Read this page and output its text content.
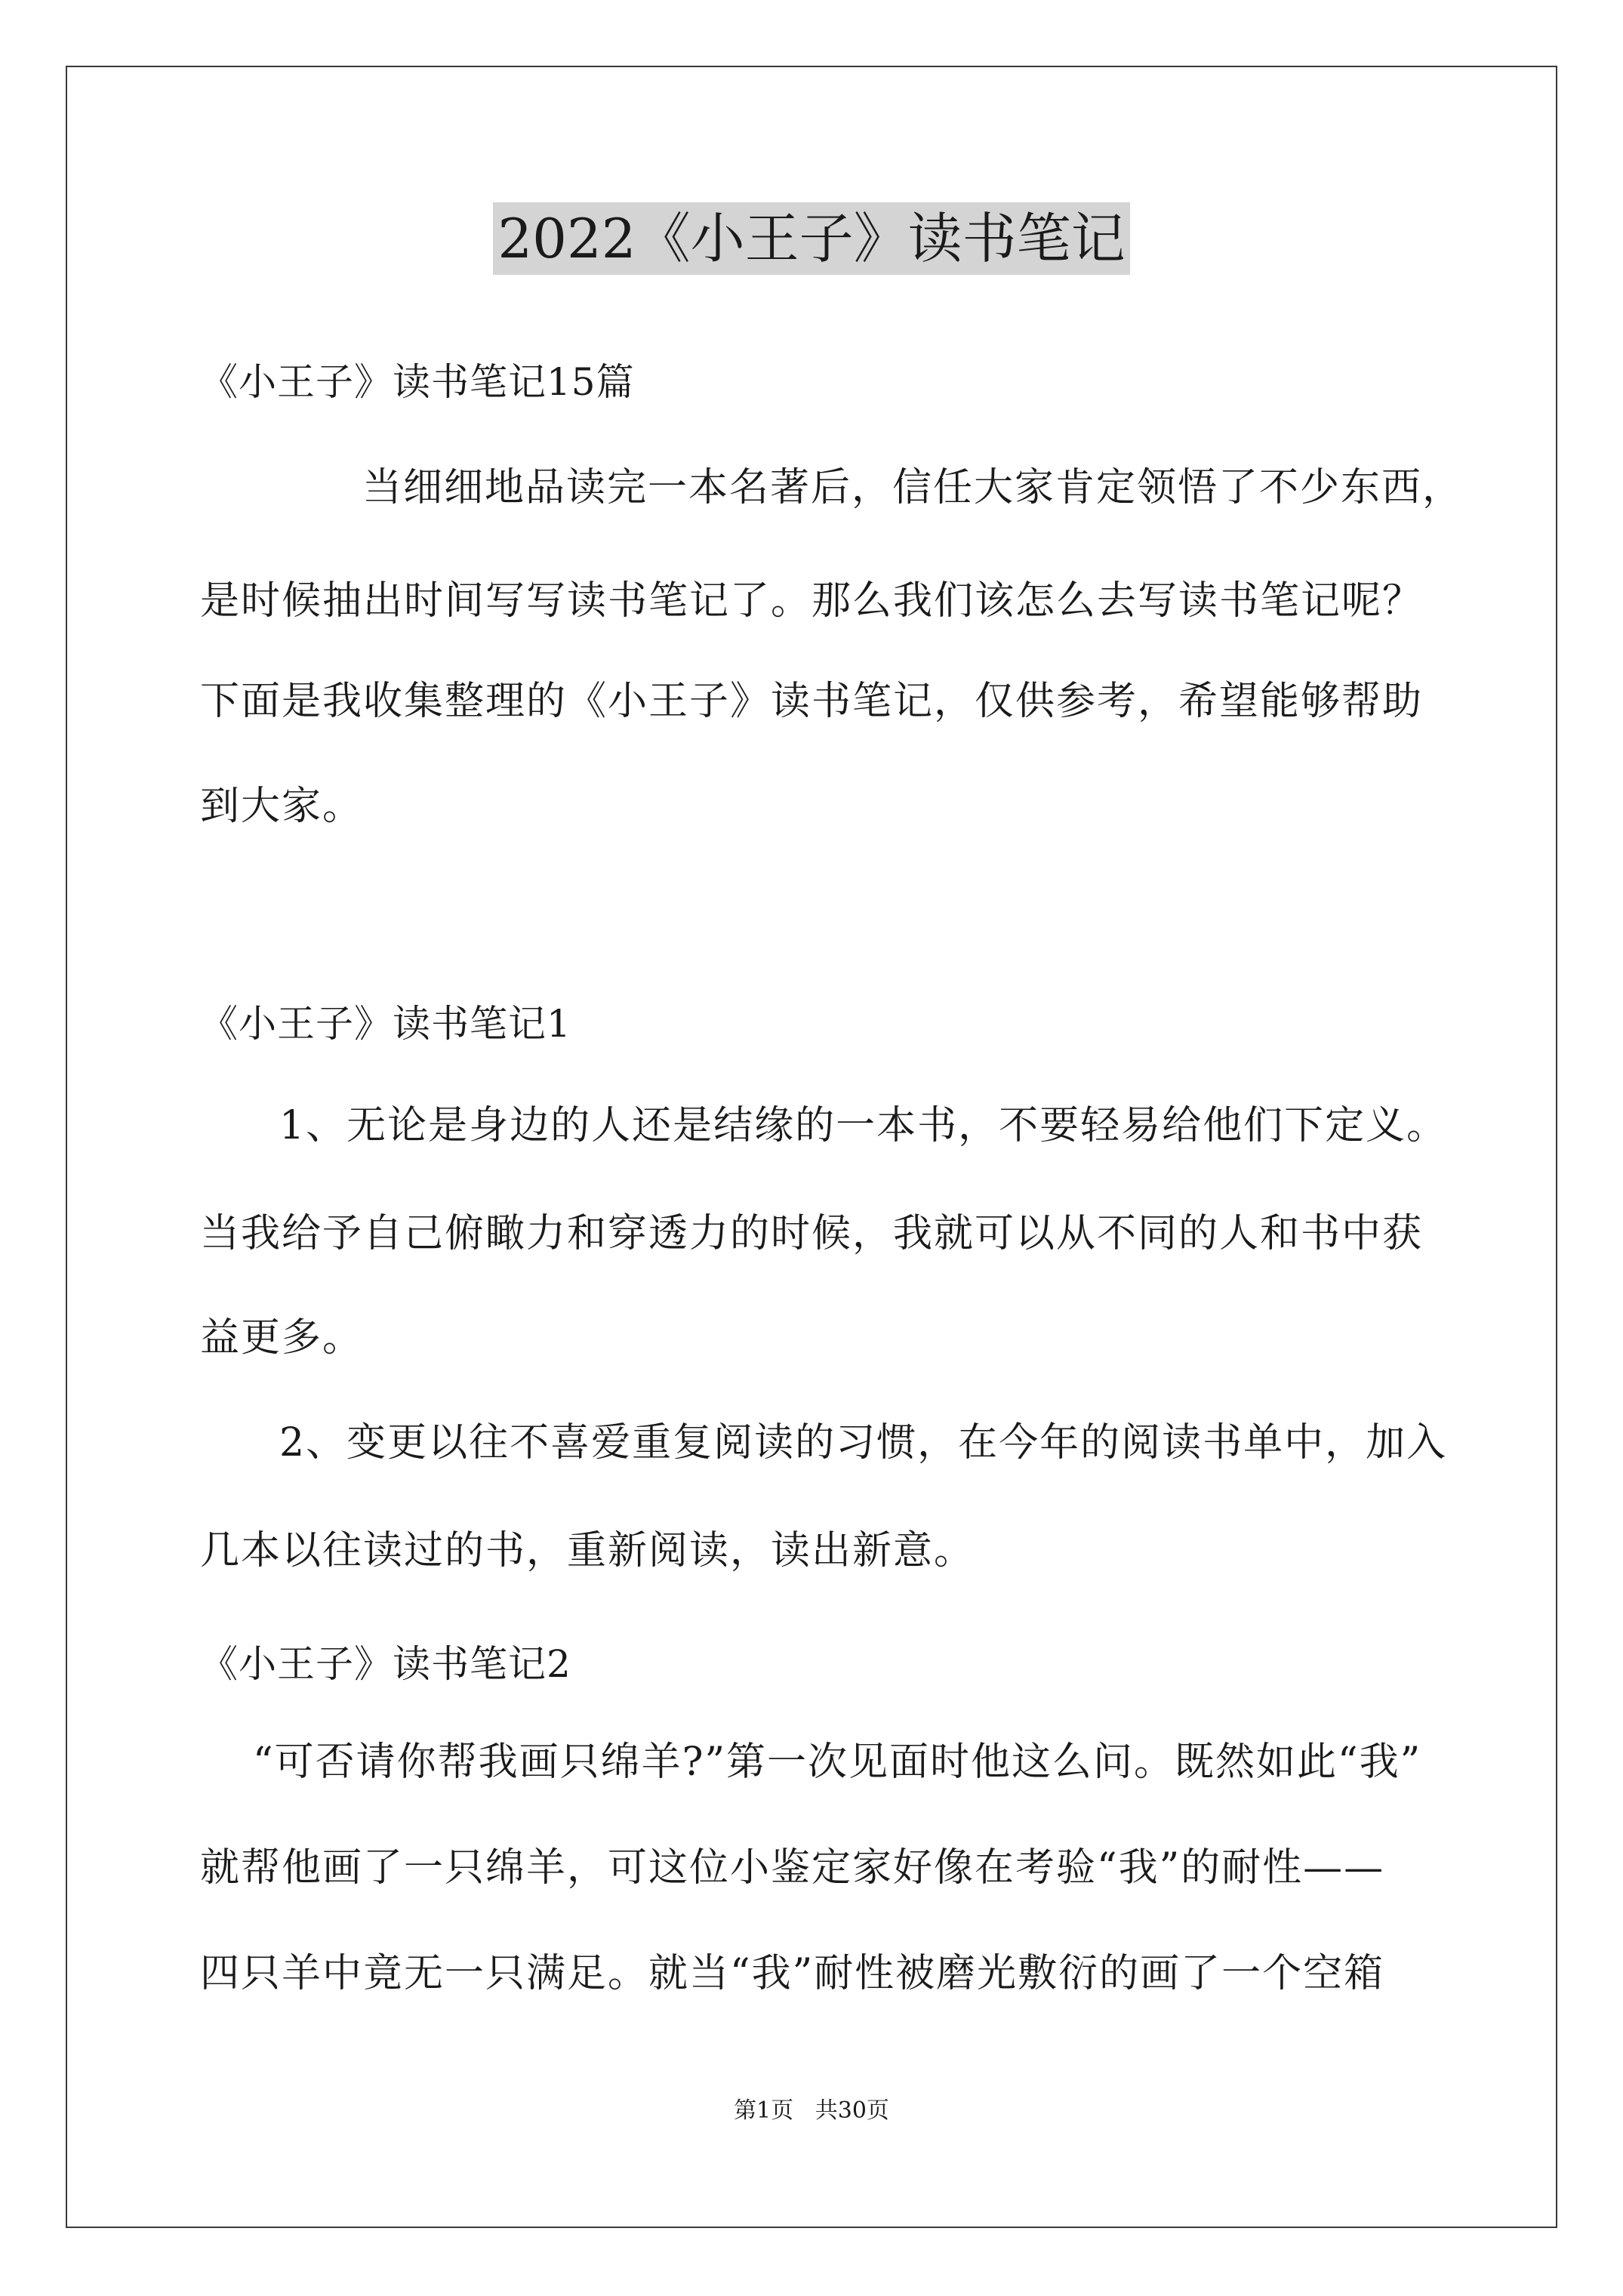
2022《小王子》读书笔记
《小王子》读书笔记15篇
当细细地品读完一本名著后，信任大家肯定领悟了不少东西，
是时候抽出时间写写读书笔记了。那么我们该怎么去写读书笔记呢？
下面是我收集整理的《小王子》读书笔记，仅供参考，希望能够帮助
到大家。
《小王子》读书笔记1
1、无论是身边的人还是结缘的一本书，不要轻易给他们下定义。
当我给予自己俯瞰力和穿透力的时候，我就可以从不同的人和书中获
益更多。
2、变更以往不喜爱重复阅读的习惯，在今年的阅读书单中，加入
几本以往读过的书，重新阅读，读出新意。
《小王子》读书笔记2
“可否请你帮我画只绵羊?”第一次见面时他这么问。既然如此“我”
就帮他画了一只绵羊，可这位小鉴定家好像在考验“我”的耐性——
四只羊中竟无一只满足。就当“我”耐性被磨光敷衍的画了一个空箱
第1页   共30页
